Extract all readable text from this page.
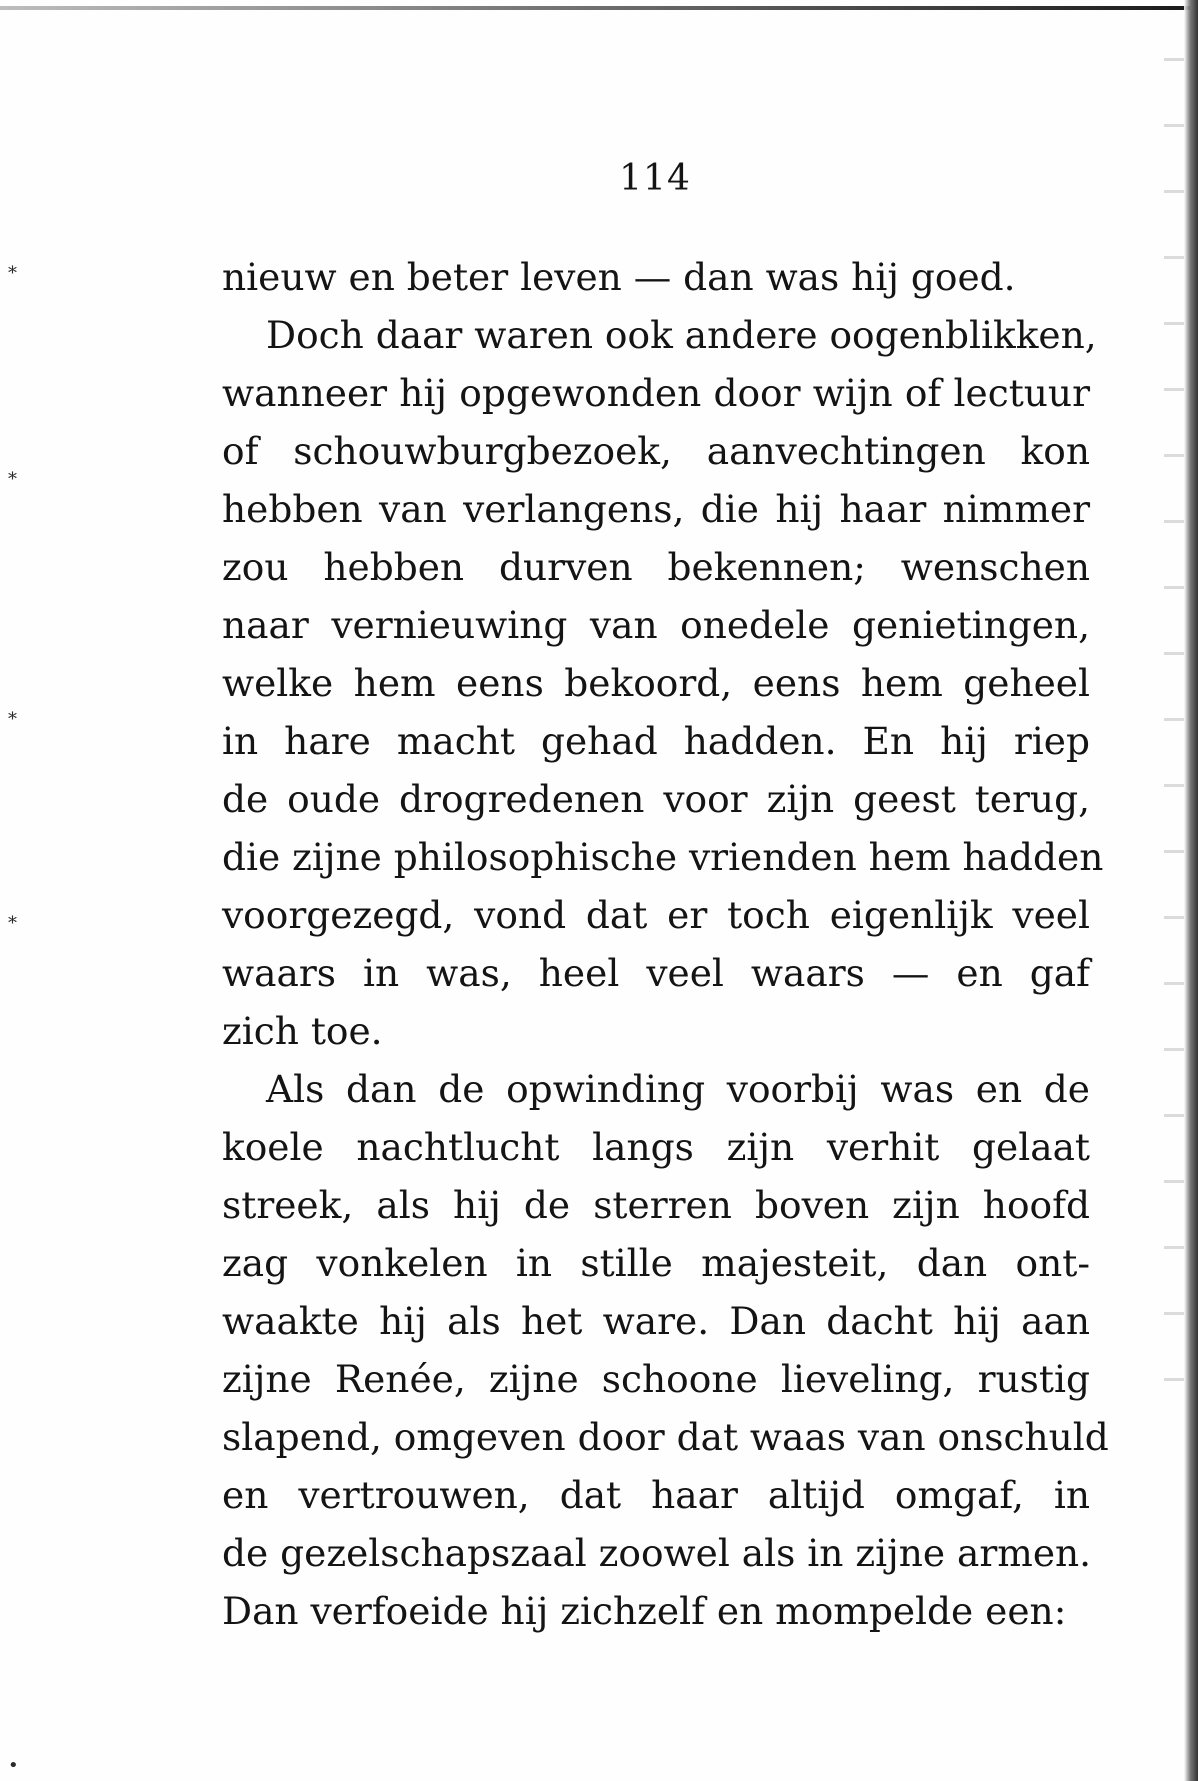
⁎
⁎
⁎
⁎
•
114
nieuw en beter leven — dan was hij goed.
Doch daar waren ook andere oogenblikken,
wanneer hij opgewonden door wijn of lectuur
of schouwburgbezoek, aanvechtingen kon
hebben van verlangens, die hij haar nimmer
zou hebben durven bekennen; wenschen
naar vernieuwing van onedele genietingen,
welke hem eens bekoord, eens hem geheel
in hare macht gehad hadden. En hij riep
de oude drogredenen voor zijn geest terug,
die zijne philosophische vrienden hem hadden
voorgezegd, vond dat er toch eigenlijk veel
waars in was, heel veel waars — en gaf
zich toe.
Als dan de opwinding voorbij was en de
koele nachtlucht langs zijn verhit gelaat
streek, als hij de sterren boven zijn hoofd
zag vonkelen in stille majesteit, dan ont-
waakte hij als het ware. Dan dacht hij aan
zijne Renée, zijne schoone lieveling, rustig
slapend, omgeven door dat waas van onschuld
en vertrouwen, dat haar altijd omgaf, in
de gezelschapszaal zoowel als in zijne armen.
Dan verfoeide hij zichzelf en mompelde een:
